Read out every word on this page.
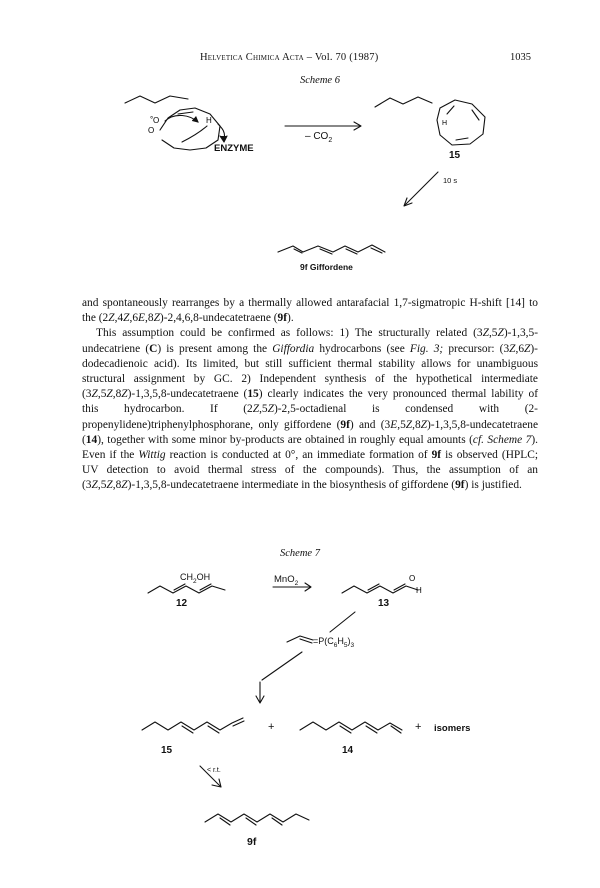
Helvetica Chimica Acta – Vol. 70 (1987)	1035
Scheme 6
° O
O
H	H
ENZYME
– $CO_2$
15
10 s
9f Giffordene

and spontaneously rearranges by a thermally allowed antarafacial 1,7-sigmatropic H-shift [14] to the (2Z,4Z,6E,8Z)-2,4,6,8-undecatetraene (9f).

This assumption could be confirmed as follows: 1) The structurally related (3Z,5Z)-1,3,5-undecatriene (C) is present among the Giffordia hydrocarbons (see Fig. 3; precursor: (3Z,6Z)-dodecadienoic acid). Its limited, but still sufficient thermal stability allows for unambiguous structural assignment by GC. 2) Independent synthesis of the hypothetical intermediate (3Z,5Z,8Z)-1,3,5,8-undecatetraene (15) clearly indicates the very pronounced thermal lability of this hydrocarbon. If (2Z,5Z)-2,5-octadienal is condensed with (2-propenylidene)triphenylphosphorane, only giffordene (9f) and (3E,5Z,8Z)-1,3,5,8-undecatetraene (14), together with some minor by-products are obtained in roughly equal amounts (cf. Scheme 7). Even if the Wittig reaction is conducted at 0°, an immediate formation of 9f is observed (HPLC; UV detection to avoid thermal stress of the compounds). Thus, the assumption of an (3Z,5Z,8Z)-1,3,5,8-undecatetraene intermediate in the biosynthesis of giffordene (9f) is justified.

Scheme 7
O
H
$CH_2OH$
12
MnO$_2$
13
$=P(C_6H_5)_3$
15
+
14
+ isomers
< r.t.
9f
